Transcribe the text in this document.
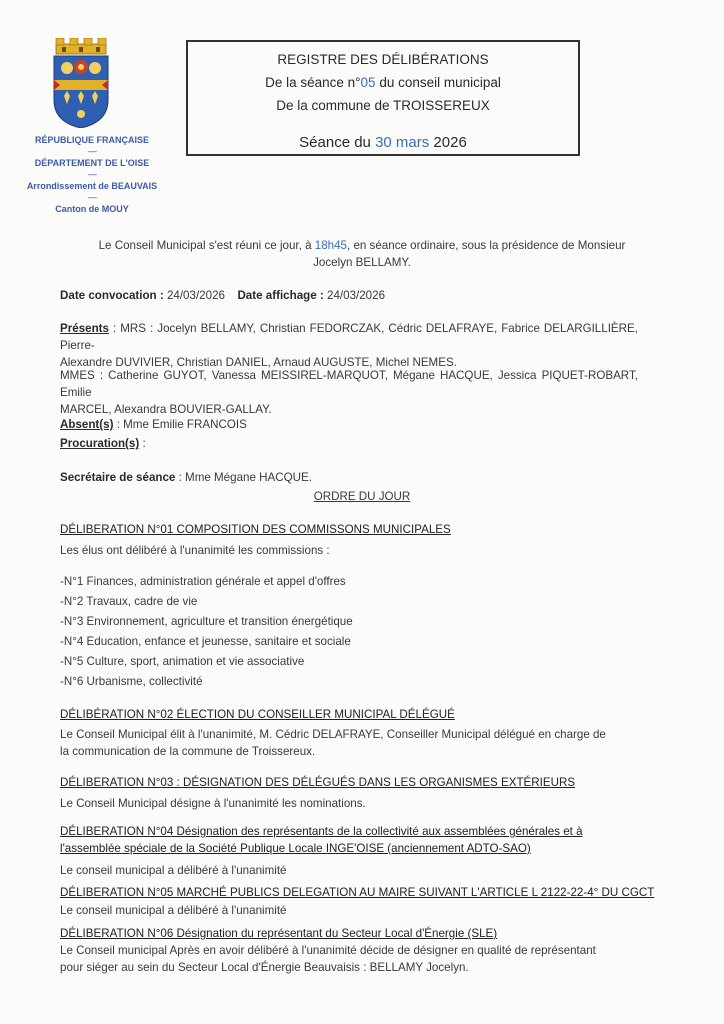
RÉPUBLIQUE FRANÇAISE
-----
DÉPARTEMENT DE L'OISE
-----
Arrondissement de BEAUVAIS
-----
Canton de MOUY
REGISTRE DES DÉLIBÉRATIONS
De la séance n°05 du conseil municipal
De la commune de TROISSEREUX
Séance du 30 mars 2026
Le Conseil Municipal s'est réuni ce jour, à 18h45, en séance ordinaire, sous la présidence de Monsieur
Jocelyn BELLAMY.
Date convocation : 24/03/2026 Date affichage : 24/03/2026
Présents : MRS : Jocelyn BELLAMY, Christian FEDORCZAK, Cédric DELAFRAYE, Fabrice DELARGILLIÈRE, Pierre-
Alexandre DUVIVIER, Christian DANIEL, Arnaud AUGUSTE, Michel NEMES.
MMES : Catherine GUYOT, Vanessa MEISSIREL-MARQUOT, Mégane HACQUE, Jessica PIQUET-ROBART, Emilie
MARCEL, Alexandra BOUVIER-GALLAY.
Absent(s) : Mme Emilie FRANCOIS
Procuration(s) :
Secrétaire de séance : Mme Mégane HACQUE.
ORDRE DU JOUR
DÉLIBERATION N°01 COMPOSITION DES COMMISSONS MUNICIPALES
Les élus ont délibéré à l'unanimité les commissions :
-N°1 Finances, administration générale et appel d'offres
-N°2 Travaux, cadre de vie
-N°3 Environnement, agriculture et transition énergétique
-N°4 Education, enfance et jeunesse, sanitaire et sociale
-N°5 Culture, sport, animation et vie associative
-N°6 Urbanisme, collectivité
DÉLIBÉRATION N°02 ÉLECTION DU CONSEILLER MUNICIPAL DÉLÉGUÉ
Le Conseil Municipal élit à l'unanimité, M. Cédric DELAFRAYE, Conseiller Municipal délégué en charge de
la communication de la commune de Troissereux.
DÉLIBERATION N°03 : DÉSIGNATION DES DÉLÉGUÉS DANS LES ORGANISMES EXTÉRIEURS
Le Conseil Municipal désigne à l'unanimité les nominations.
DÉLIBERATION N°04 Désignation des représentants de la collectivité aux assemblées générales et à
l'assemblée spéciale de la Société Publique Locale INGE'OISE (anciennement ADTO-SAO)
Le conseil municipal a délibéré à l'unanimité
DÉLIBERATION N°05 MARCHÉ PUBLICS DELEGATION AU MAIRE SUIVANT L'ARTICLE L 2122-22-4° DU CGCT
Le conseil municipal a délibéré à l'unanimité
DÉLIBERATION N°06 Désignation du représentant du Secteur Local d'Énergie (SLE)
Le Conseil municipal Après en avoir délibéré à l'unanimité décide de désigner en qualité de représentant
pour siéger au sein du Secteur Local d'Énergie Beauvaisis : BELLAMY Jocelyn.
